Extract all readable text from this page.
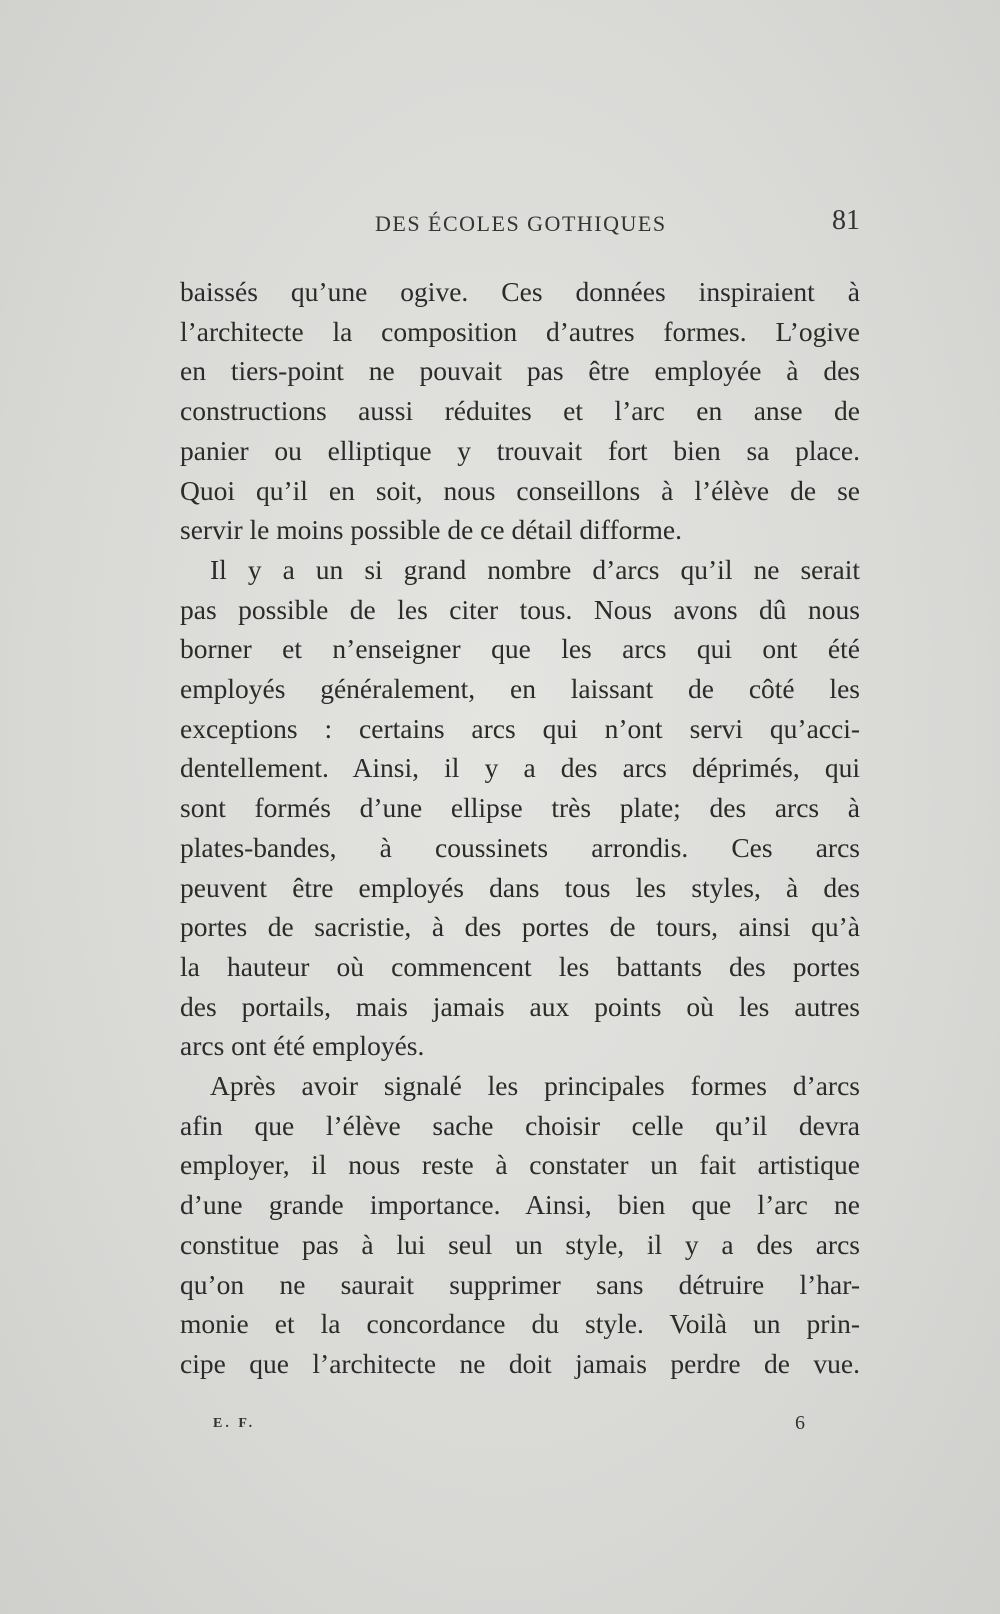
DES ÉCOLES GOTHIQUES	81

baissés qu’une ogive. Ces données inspiraient à
l’architecte la composition d’autres formes. L’ogive
en tiers-point ne pouvait pas être employée à des
constructions aussi réduites et l’arc en anse de
panier ou elliptique y trouvait fort bien sa place.
Quoi qu’il en soit, nous conseillons à l’élève de se
servir le moins possible de ce détail difforme.

Il y a un si grand nombre d’arcs qu’il ne serait
pas possible de les citer tous. Nous avons dû nous
borner et n’enseigner que les arcs qui ont été
employés généralement, en laissant de côté les
exceptions : certains arcs qui n’ont servi qu’acci-
dentellement. Ainsi, il y a des arcs déprimés, qui
sont formés d’une ellipse très plate; des arcs à
plates-bandes, à coussinets arrondis. Ces arcs
peuvent être employés dans tous les styles, à des
portes de sacristie, à des portes de tours, ainsi qu’à
la hauteur où commencent les battants des portes
des portails, mais jamais aux points où les autres
arcs ont été employés.

Après avoir signalé les principales formes d’arcs
afin que l’élève sache choisir celle qu’il devra
employer, il nous reste à constater un fait artistique
d’une grande importance. Ainsi, bien que l’arc ne
constitue pas à lui seul un style, il y a des arcs
qu’on ne saurait supprimer sans détruire l’har-
monie et la concordance du style. Voilà un prin-
cipe que l’architecte ne doit jamais perdre de vue.

E. F.	6
